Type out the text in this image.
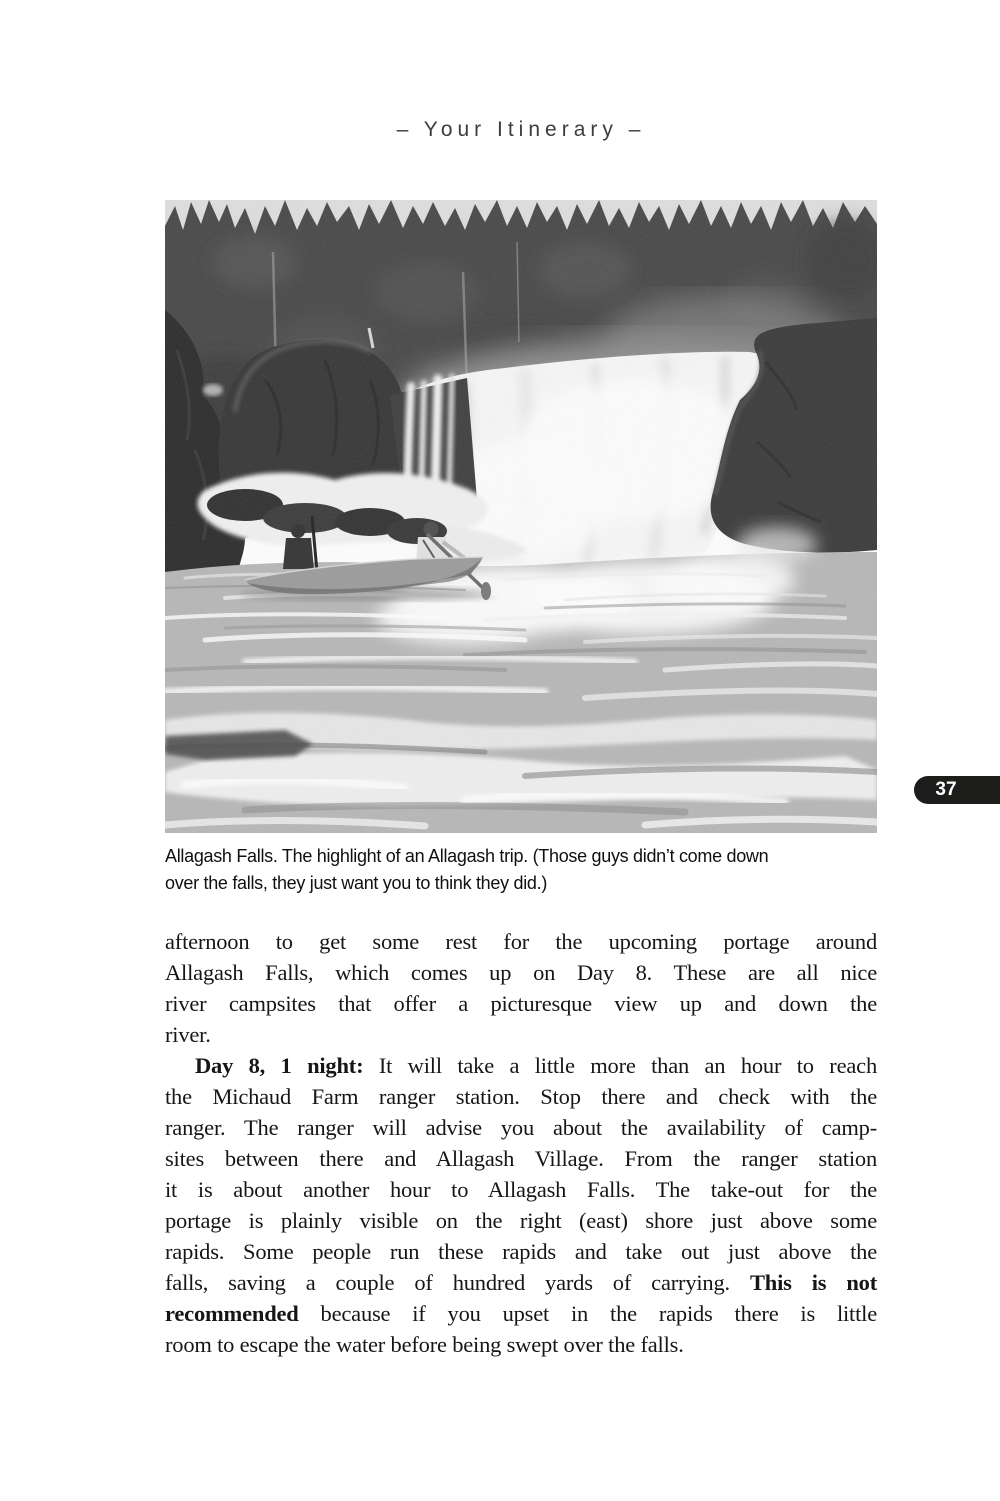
– Your Itinerary –
37
Allagash Falls. The highlight of an Allagash trip. (Those guys didn’t come down
over the falls, they just want you to think they did.)
afternoon to get some rest for the upcoming portage around
Allagash Falls, which comes up on Day 8. These are all nice
river campsites that offer a picturesque view up and down the
river.
Day 8, 1 night: It will take a little more than an hour to reach
the Michaud Farm ranger station. Stop there and check with the
ranger. The ranger will advise you about the availability of camp-
sites between there and Allagash Village. From the ranger station
it is about another hour to Allagash Falls. The take-out for the
portage is plainly visible on the right (east) shore just above some
rapids. Some people run these rapids and take out just above the
falls, saving a couple of hundred yards of carrying. This is not
recommended because if you upset in the rapids there is little
room to escape the water before being swept over the falls.
